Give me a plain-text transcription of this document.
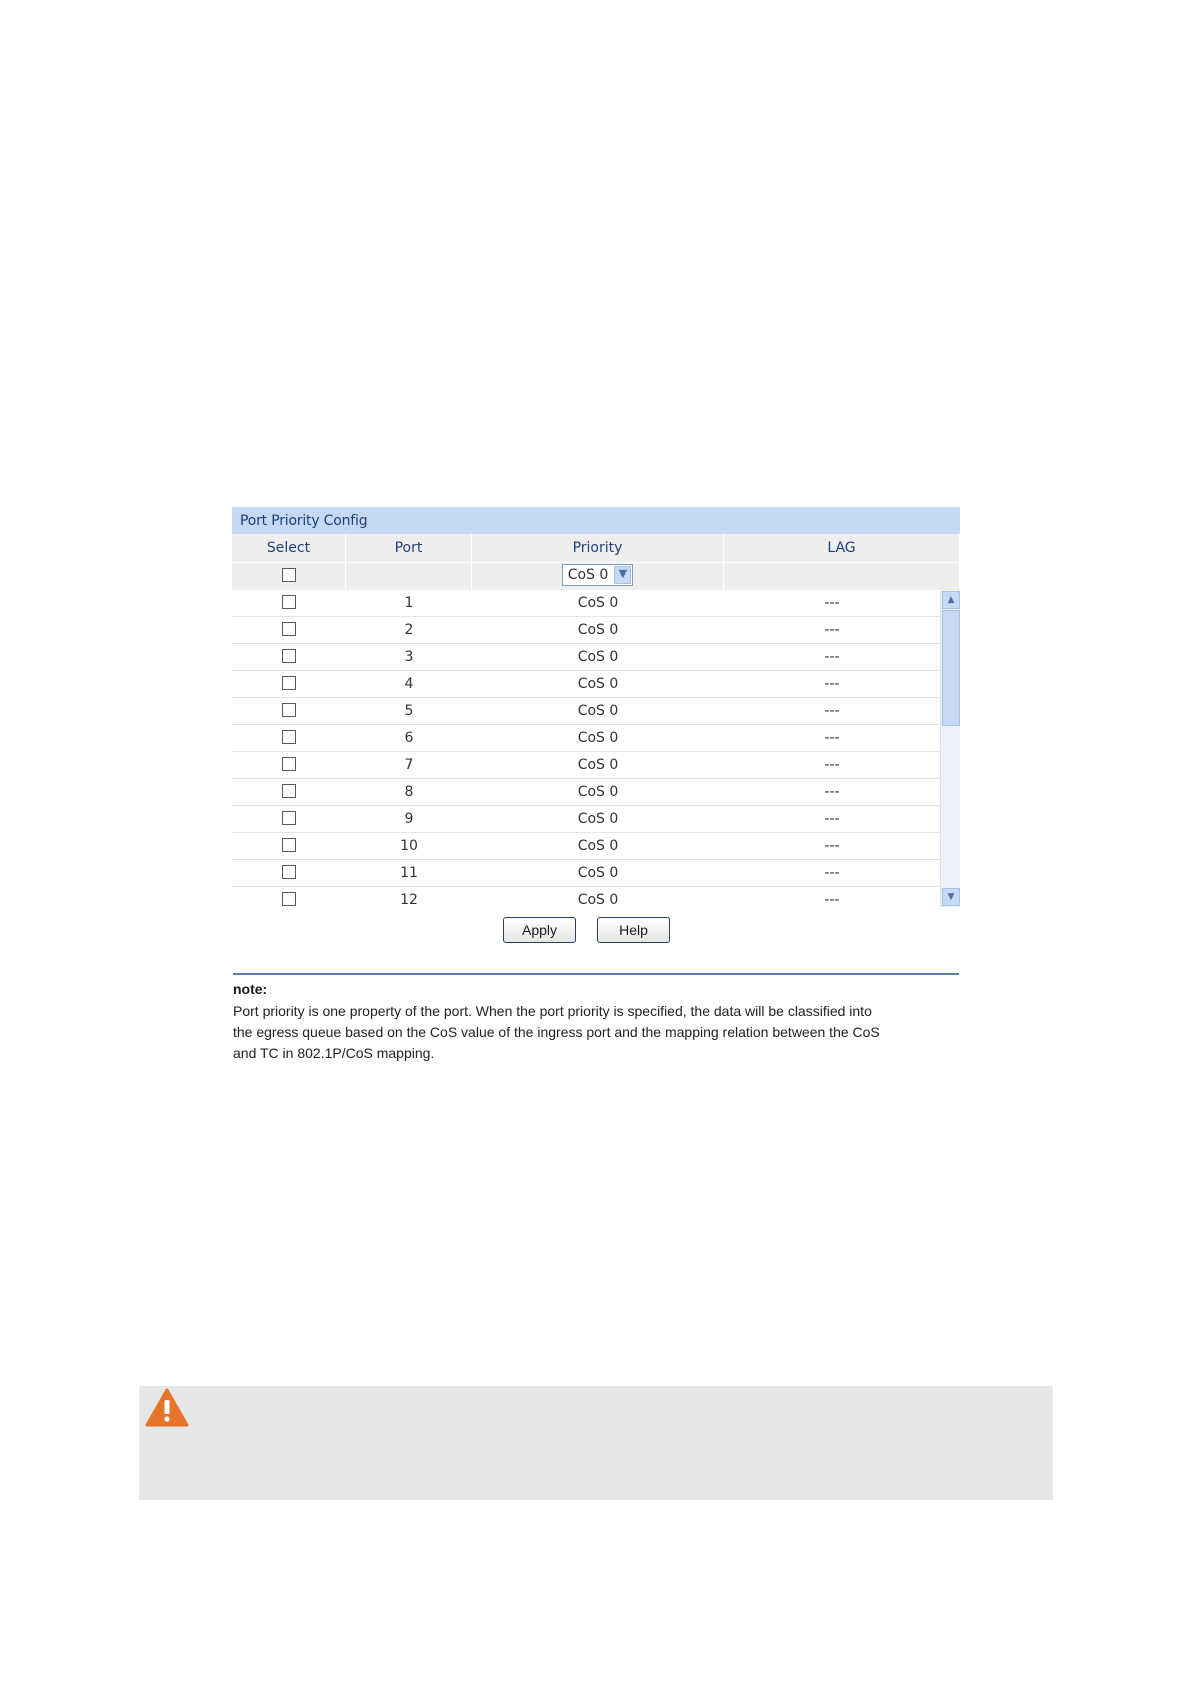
Port Priority Config
Select	Port	Priority	LAG
CoS 0 ▼
1	CoS 0	---
2	CoS 0	---
3	CoS 0	---
4	CoS 0	---
5	CoS 0	---
6	CoS 0	---
7	CoS 0	---
8	CoS 0	---
9	CoS 0	---
10	CoS 0	---
11	CoS 0	---
12	CoS 0	---
▲
▼
Apply	Help
note:
Port priority is one property of the port. When the port priority is specified, the data will be classified into
the egress queue based on the CoS value of the ingress port and the mapping relation between the CoS
and TC in 802.1P/CoS mapping.
